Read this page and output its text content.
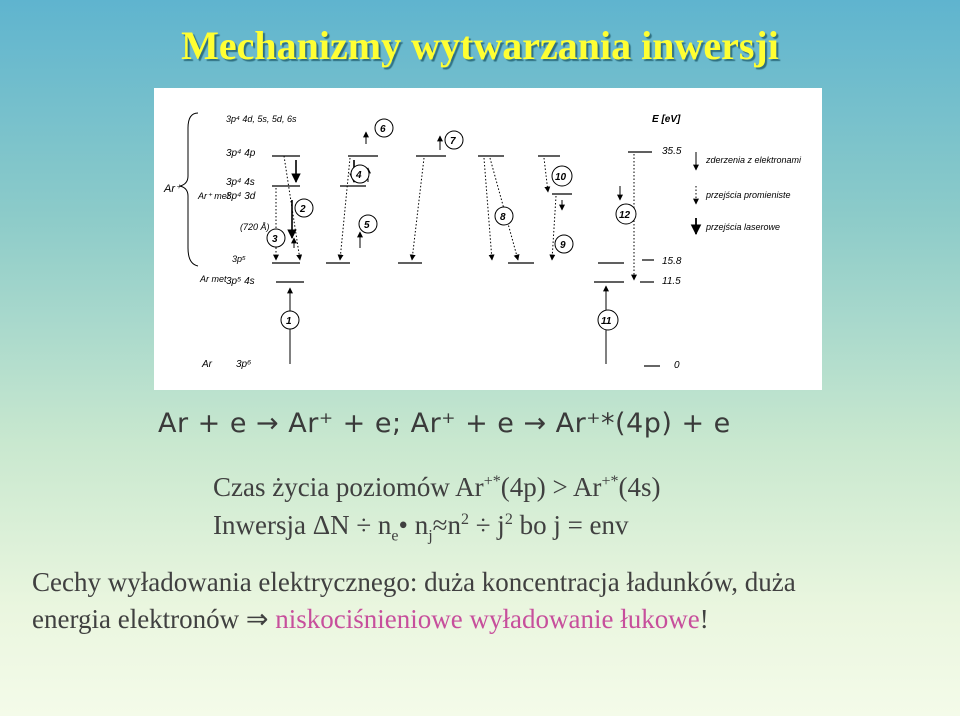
Mechanizmy wytwarzania inwersji
3p⁴ 4d, 5s, 5d, 6s	E [eV]
3p⁴ 4p
3p⁴ 4s
3p⁴ 3d
Ar⁺
Ar⁺ met
(720 Å)
3p⁵
Ar met 3p⁵ 4s
Ar 3p⁶
35.5
15.8
11.5
0
1
2
3
4
5
6
7
8
9
10
11
12
zderzenia z elektronami
przejścia promieniste
przejścia laserowe
Ar + e → Ar⁺ + e; Ar⁺ + e → Ar⁺*(4p) + e
Czas życia poziomów Ar+*(4p) > Ar+*(4s)
Inwersja $\Delta N \div n_e•$ $n_j\approx n^2 \div j^2$ bo j = env
Cechy wyładowania elektrycznego: duża koncentracja ładunków, duża
energia elektronów ⇒ niskociśnieniowe wyładowanie łukowe!
